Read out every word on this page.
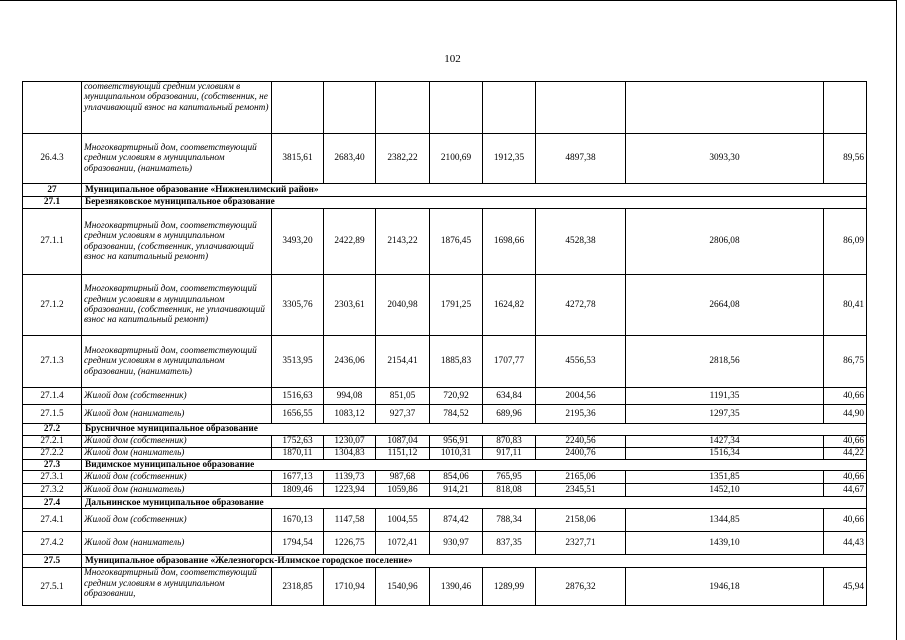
102
	соответствующий средним условиям в муниципальном образовании, (собственник, не уплачивающий взнос на капитальный ремонт)								
26.4.3	Многоквартирный дом, соответствующий средним условиям в муниципальном образовании, (наниматель)	3815,61	2683,40	2382,22	2100,69	1912,35	4897,38	3093,30	89,56
27	Муниципальное образование «Нижнеилимский район»								
27.1	Березняковское муниципальное образование								
27.1.1	Многоквартирный дом, соответствующий средним условиям в муниципальном образовании, (собственник, уплачивающий взнос на капитальный ремонт)	3493,20	2422,89	2143,22	1876,45	1698,66	4528,38	2806,08	86,09
27.1.2	Многоквартирный дом, соответствующий средним условиям в муниципальном образовании, (собственник, не уплачивающий взнос на капитальный ремонт)	3305,76	2303,61	2040,98	1791,25	1624,82	4272,78	2664,08	80,41
27.1.3	Многоквартирный дом, соответствующий средним условиям в муниципальном образовании, (наниматель)	3513,95	2436,06	2154,41	1885,83	1707,77	4556,53	2818,56	86,75
27.1.4	Жилой дом (собственник)	1516,63	994,08	851,05	720,92	634,84	2004,56	1191,35	40,66
27.1.5	Жилой дом (наниматель)	1656,55	1083,12	927,37	784,52	689,96	2195,36	1297,35	44,90
27.2	Брусничное муниципальное образование								
27.2.1	Жилой дом (собственник)	1752,63	1230,07	1087,04	956,91	870,83	2240,56	1427,34	40,66
27.2.2	Жилой дом (наниматель)	1870,11	1304,83	1151,12	1010,31	917,11	2400,76	1516,34	44,22
27.3	Видимское муниципальное образование								
27.3.1	Жилой дом (собственник)	1677,13	1139,73	987,68	854,06	765,95	2165,06	1351,85	40,66
27.3.2	Жилой дом (наниматель)	1809,46	1223,94	1059,86	914,21	818,08	2345,51	1452,10	44,67
27.4	Дальнинское муниципальное образование								
27.4.1	Жилой дом (собственник)	1670,13	1147,58	1004,55	874,42	788,34	2158,06	1344,85	40,66
27.4.2	Жилой дом (наниматель)	1794,54	1226,75	1072,41	930,97	837,35	2327,71	1439,10	44,43
27.5	Муниципальное образование «Железногорск-Илимское городское поселение»								
27.5.1	Многоквартирный дом, соответствующий средним условиям в муниципальном образовании,	2318,85	1710,94	1540,96	1390,46	1289,99	2876,32	1946,18	45,94
